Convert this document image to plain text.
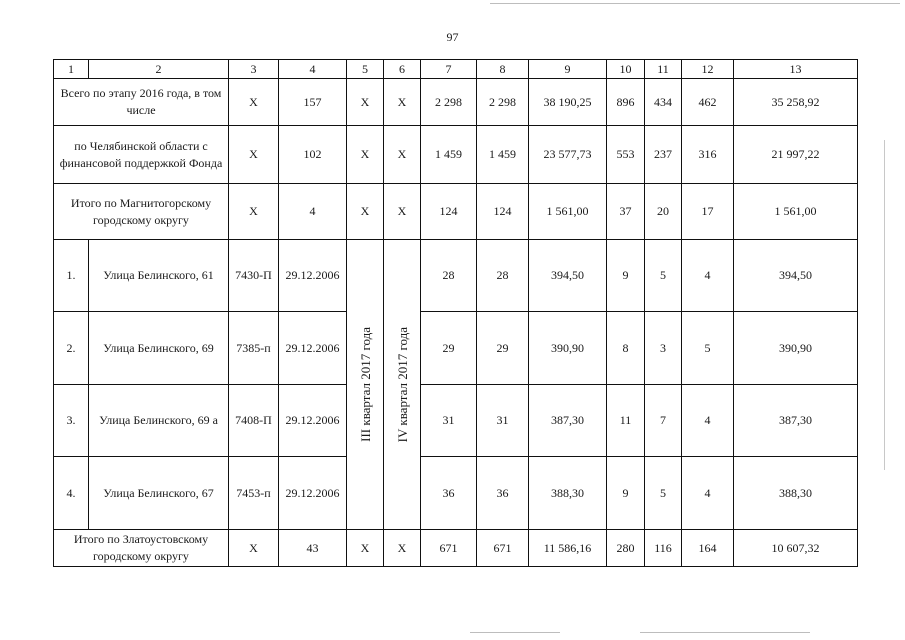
97
1	2	3	4	5	6	7	8	9	10	11	12	13
Всего по этапу 2016 года, в том числе		X	157	X	X	2 298	2 298	38 190,25	896	434	462	35 258,92
по Челябинской области с финансовой поддержкой Фонда		X	102	X	X	1 459	1 459	23 577,73	553	237	316	21 997,22
Итого по Магнитогорскому городскому округу		X	4	X	X	124	124	1 561,00	37	20	17	1 561,00
1.	Улица Белинского, 61	7430-П	29.12.2006	III квартал 2017 года	IV квартал 2017 года	28	28	394,50	9	5	4	394,50
2.	Улица Белинского, 69	7385-п	29.12.2006			29	29	390,90	8	3	5	390,90
3.	Улица Белинского, 69 а	7408-П	29.12.2006			31	31	387,30	11	7	4	387,30
4.	Улица Белинского, 67	7453-п	29.12.2006			36	36	388,30	9	5	4	388,30
Итого по Златоустовскому городскому округу		X	43	X	X	671	671	11 586,16	280	116	164	10 607,32
